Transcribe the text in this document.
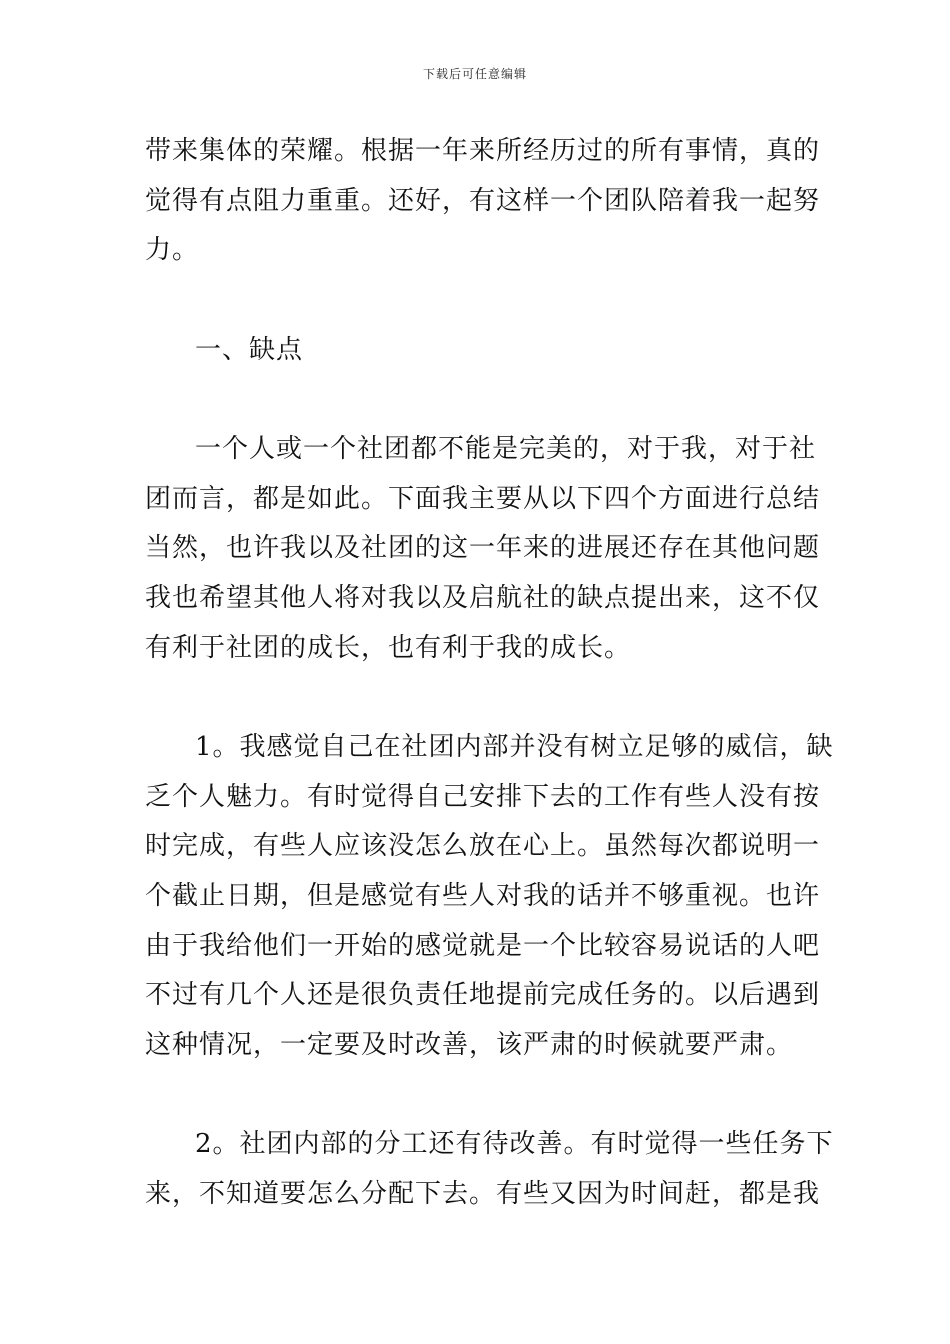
下载后可任意编辑
带来集体的荣耀。根据一年来所经历过的所有事情，真的
觉得有点阻力重重。还好，有这样一个团队陪着我一起努
力。
一、缺点
一个人或一个社团都不能是完美的，对于我，对于社
团而言，都是如此。下面我主要从以下四个方面进行总结
当然，也许我以及社团的这一年来的进展还存在其他问题
我也希望其他人将对我以及启航社的缺点提出来，这不仅
有利于社团的成长，也有利于我的成长。
1。我感觉自己在社团内部并没有树立足够的威信，缺
乏个人魅力。有时觉得自己安排下去的工作有些人没有按
时完成，有些人应该没怎么放在心上。虽然每次都说明一
个截止日期，但是感觉有些人对我的话并不够重视。也许
由于我给他们一开始的感觉就是一个比较容易说话的人吧
不过有几个人还是很负责任地提前完成任务的。以后遇到
这种情况，一定要及时改善，该严肃的时候就要严肃。
2。社团内部的分工还有待改善。有时觉得一些任务下
来，不知道要怎么分配下去。有些又因为时间赶，都是我
